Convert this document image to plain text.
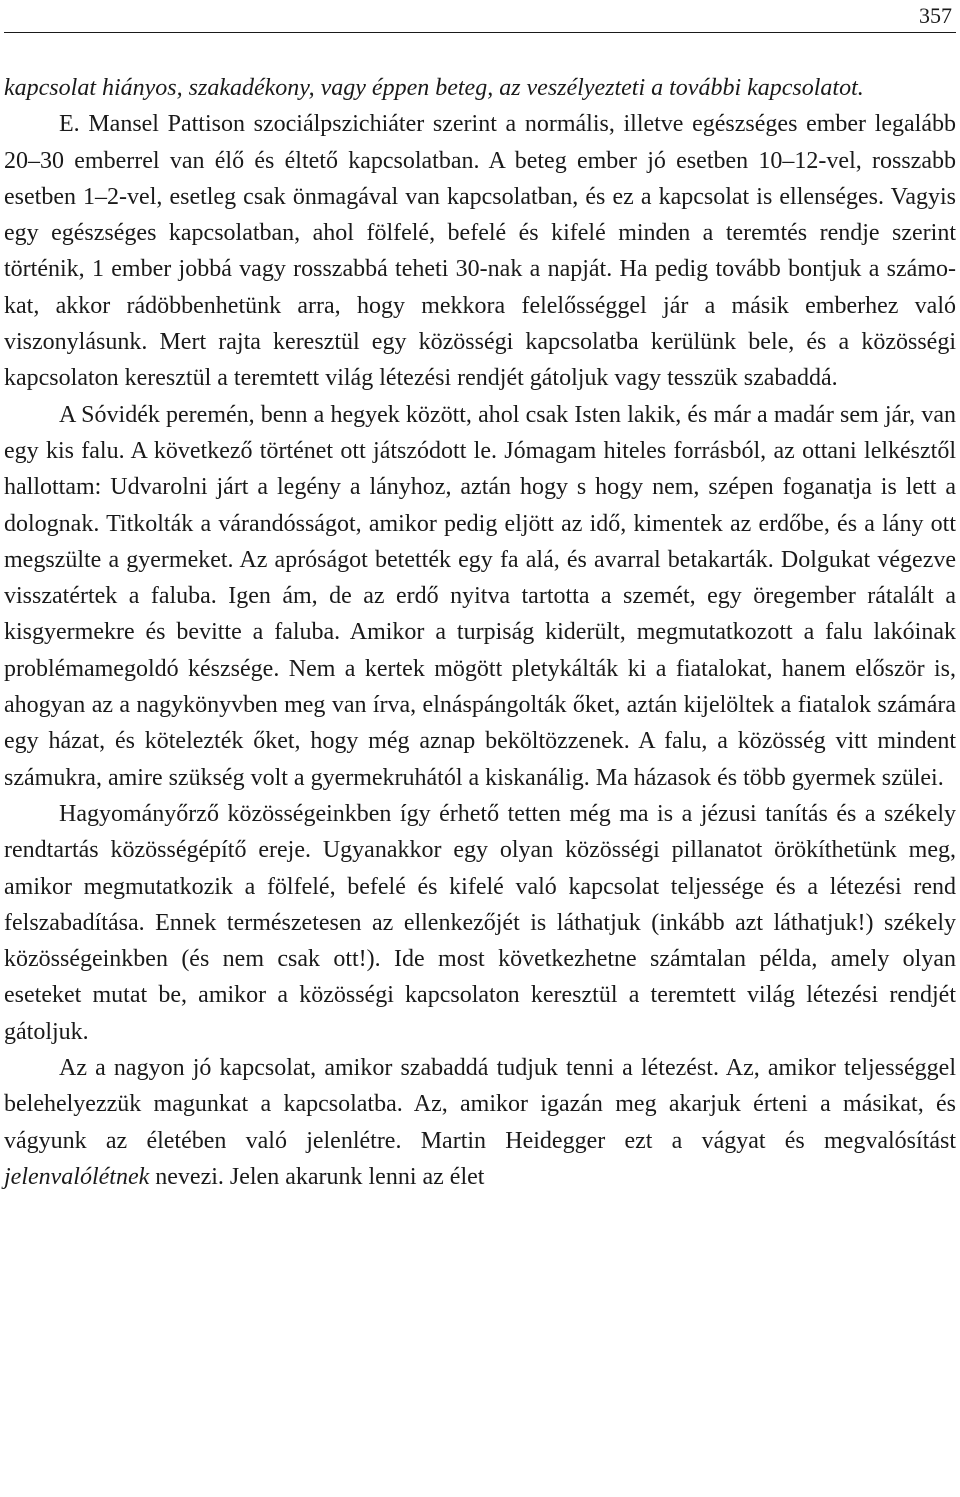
357

kapcsolat hiányos, szakadékony, vagy éppen beteg, az veszélyezteti a további kapcsolatot.

E. Mansel Pattison szociálpszichiáter szerint a normális, illetve egészséges ember legalább 20–30 emberrel van élő és éltető kapcsolatban. A beteg ember jó esetben 10–12-vel, rosszabb esetben 1–2-vel, esetleg csak önmagával van kapcsolatban, és ez a kapcsolat is ellenséges. Vagyis egy egészséges kapcsolatban, ahol fölfelé, befelé és kifelé minden a teremtés rendje szerint történik, 1 ember jobbá vagy rosszabbá teheti 30-nak a napját. Ha pedig tovább bontjuk a számokat, akkor rádöbbenhetünk arra, hogy mekkora felelősséggel jár a másik emberhez való viszonylásunk. Mert rajta keresztül egy közösségi kapcsolatba kerülünk bele, és a közösségi kapcsolaton keresztül a teremtett világ létezési rendjét gátoljuk vagy tesszük szabaddá.

A Sóvidék peremén, benn a hegyek között, ahol csak Isten lakik, és már a madár sem jár, van egy kis falu. A következő történet ott játszódott le. Jómagam hiteles forrásból, az ottani lelkésztől hallottam: Udvarolni járt a legény a lányhoz, aztán hogy s hogy nem, szépen foganatja is lett a dolognak. Titkolták a várandósságot, amikor pedig eljött az idő, kimentek az erdőbe, és a lány ott megszülte a gyermeket. Az apróságot betették egy fa alá, és avarral betakarták. Dolgukat végezve visszatértek a faluba. Igen ám, de az erdő nyitva tartotta a szemét, egy öregember rátalált a kisgyermekre és bevitte a faluba. Amikor a turpiság kiderült, megmutatkozott a falu lakóinak problémamegoldó készsége. Nem a kertek mögött pletykálták ki a fiatalokat, hanem először is, ahogyan az a nagykönyvben meg van írva, elnáspángolták őket, aztán kijelöltek a fiatalok számára egy házat, és kötelezték őket, hogy még aznap beköltözzenek. A falu, a közösség vitt mindent számukra, amire szükség volt a gyermekruhától a kiskanálig. Ma házasok és több gyermek szülei.

Hagyományőrző közösségeinkben így érhető tetten még ma is a jézusi tanítás és a székely rendtartás közösségépítő ereje. Ugyanakkor egy olyan közösségi pillanatot örökíthetünk meg, amikor megmutatkozik a fölfelé, befelé és kifelé való kapcsolat teljessége és a létezési rend felszabadítása. Ennek természetesen az ellenkezőjét is láthatjuk (inkább azt láthatjuk!) székely közösségeinkben (és nem csak ott!). Ide most következhetne számtalan példa, amely olyan eseteket mutat be, amikor a közösségi kapcsolaton keresztül a teremtett világ létezési rendjét gátoljuk.

Az a nagyon jó kapcsolat, amikor szabaddá tudjuk tenni a létezést. Az, amikor teljességgel belehelyezzük magunkat a kapcsolatba. Az, amikor igazán meg akarjuk érteni a másikat, és vágyunk az életében való jelenlétre. Martin Heidegger ezt a vágyat és megvalósítást jelenvalólétnek nevezi. Jelen akarunk lenni az élet
